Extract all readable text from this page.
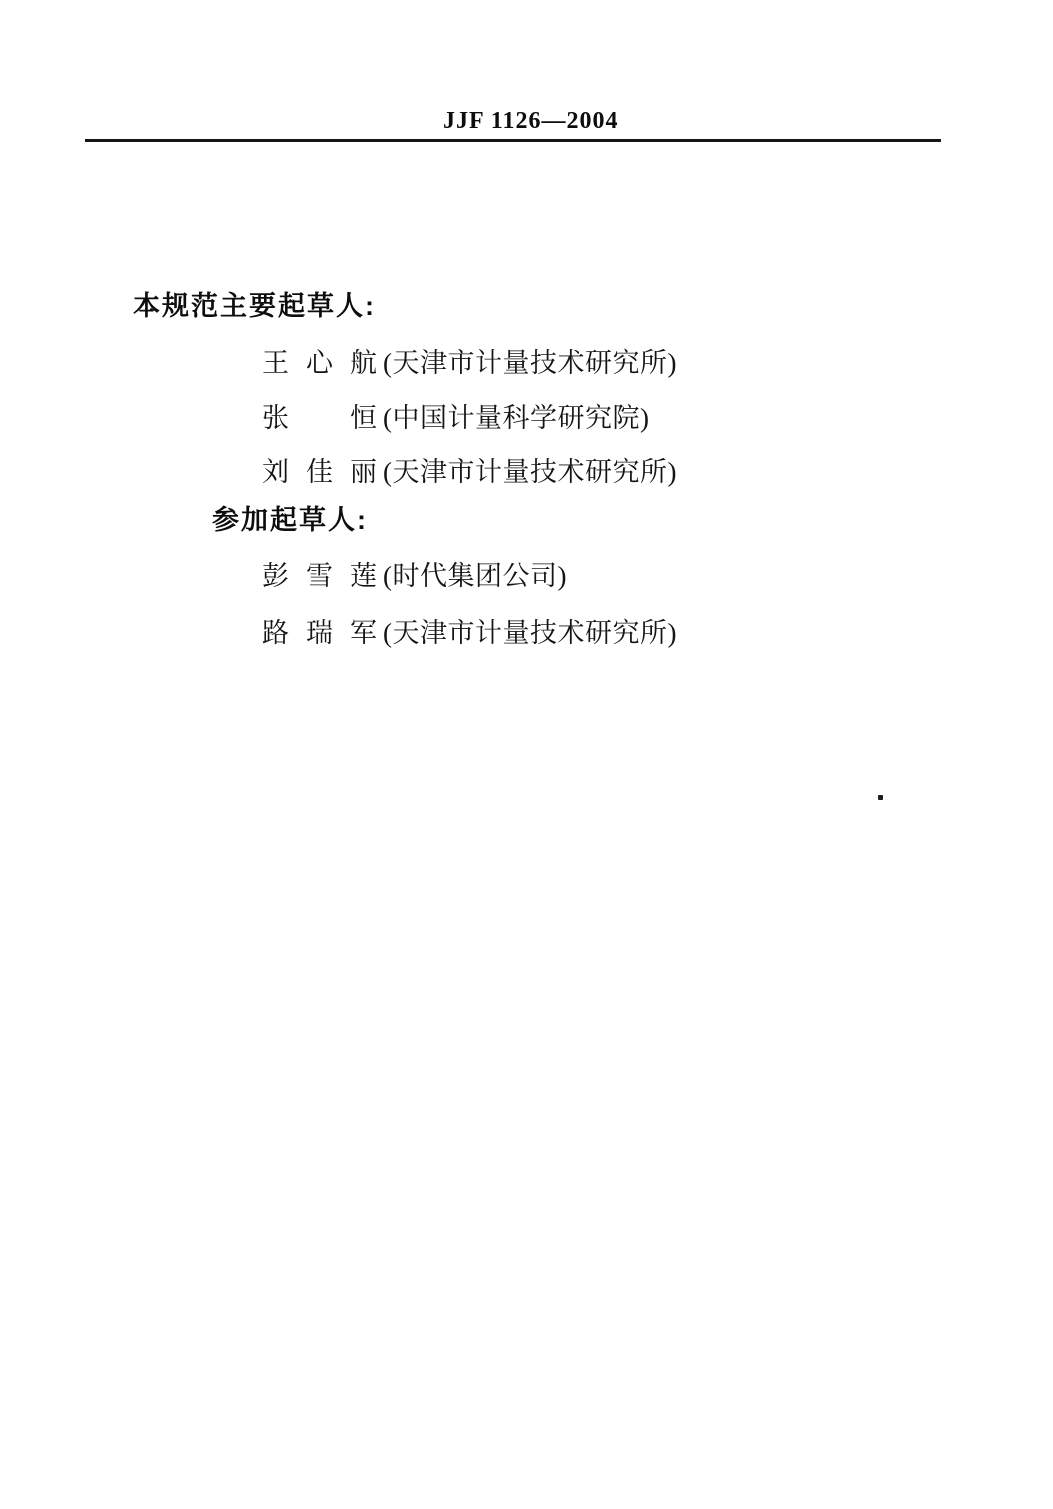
JJF 1126—2004
本规范主要起草人:
王心航 (天津市计量技术研究所)
张恒 (中国计量科学研究院)
刘佳丽 (天津市计量技术研究所)
参加起草人:
彭雪莲 (时代集团公司)
路瑞军 (天津市计量技术研究所)
